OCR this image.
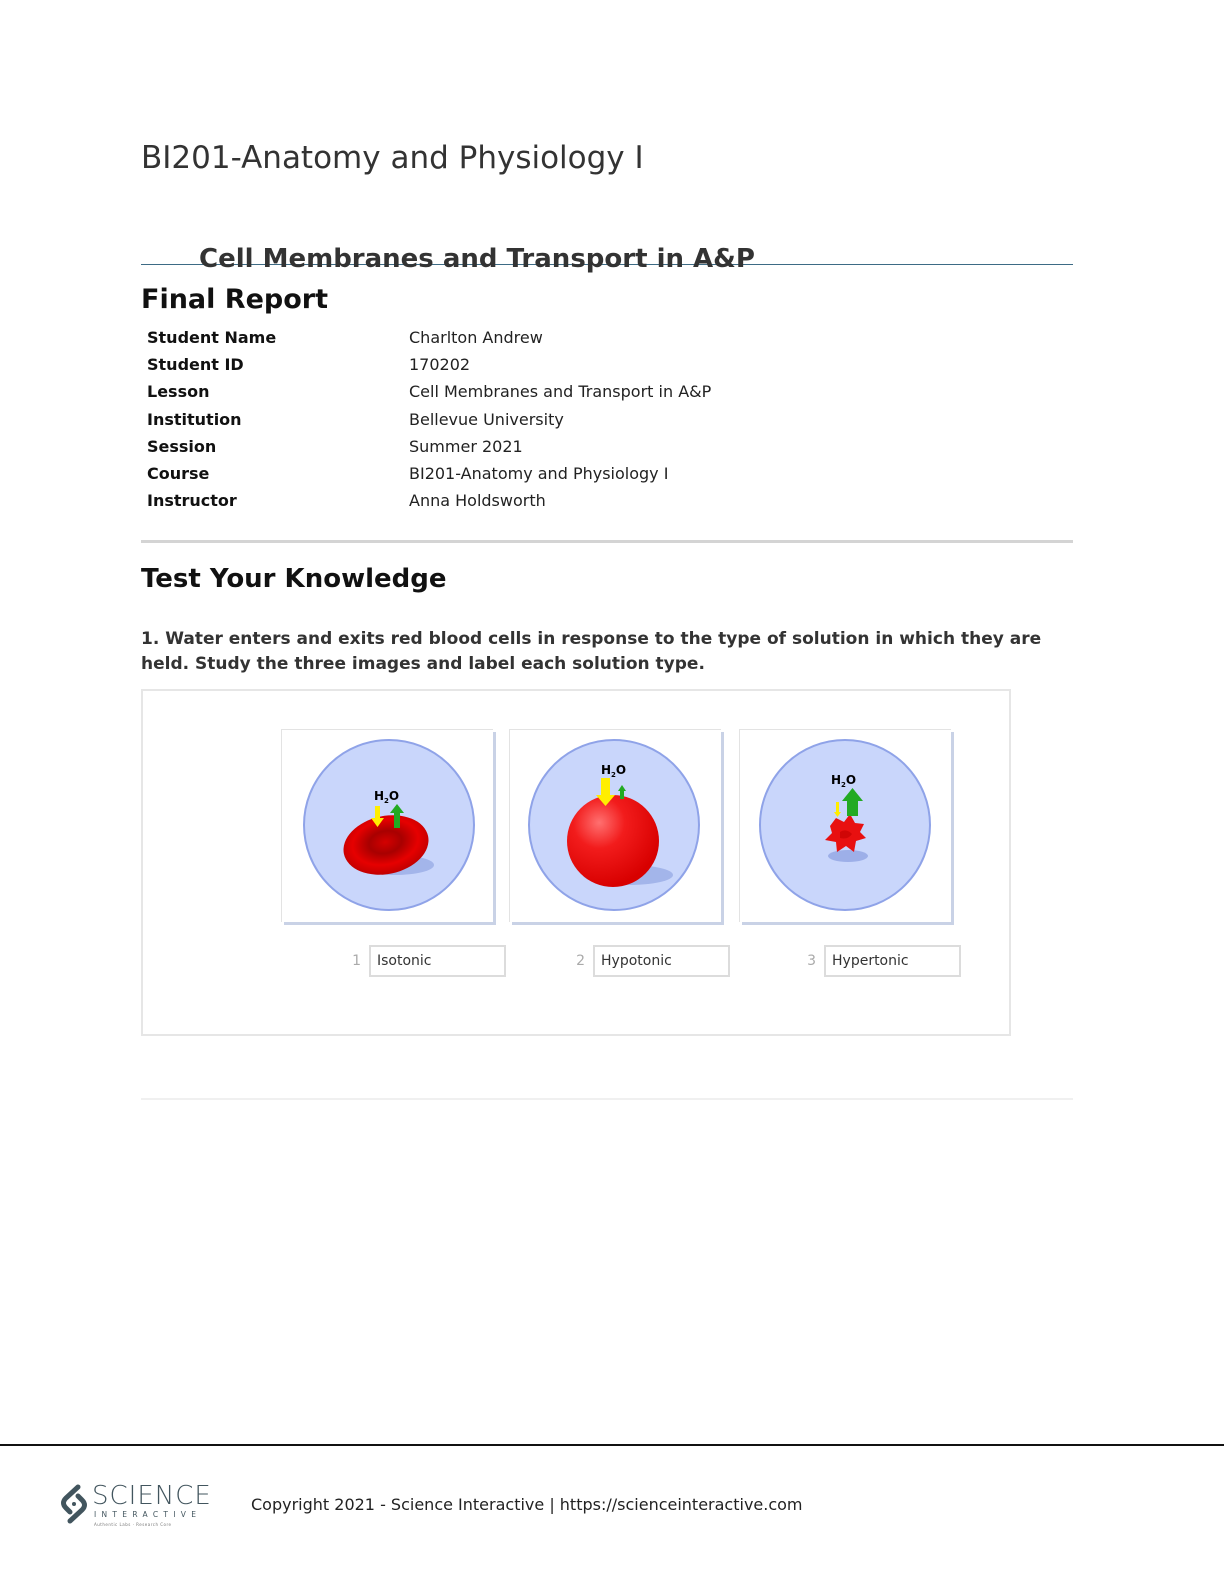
BI201-Anatomy and Physiology I
Cell Membranes and Transport in A&P
Final Report
Student Name	Charlton Andrew
Student ID	170202
Lesson	Cell Membranes and Transport in A&P
Institution	Bellevue University
Session	Summer 2021
Course	BI201-Anatomy and Physiology I
Instructor	Anna Holdsworth
Test Your Knowledge

1. Water enters and exits red blood cells in response to the type of solution in which they are held. Study the three images and label each solution type.

$H_2O$
$H_2O$
$H_2O$
1
Isotonic	2
Hypotonic	3
Hypertonic
SCIENCE
INTERACTIVE
Authentic Labs · Research Core

Copyright 2021 - Science Interactive | https://scienceinteractive.com
